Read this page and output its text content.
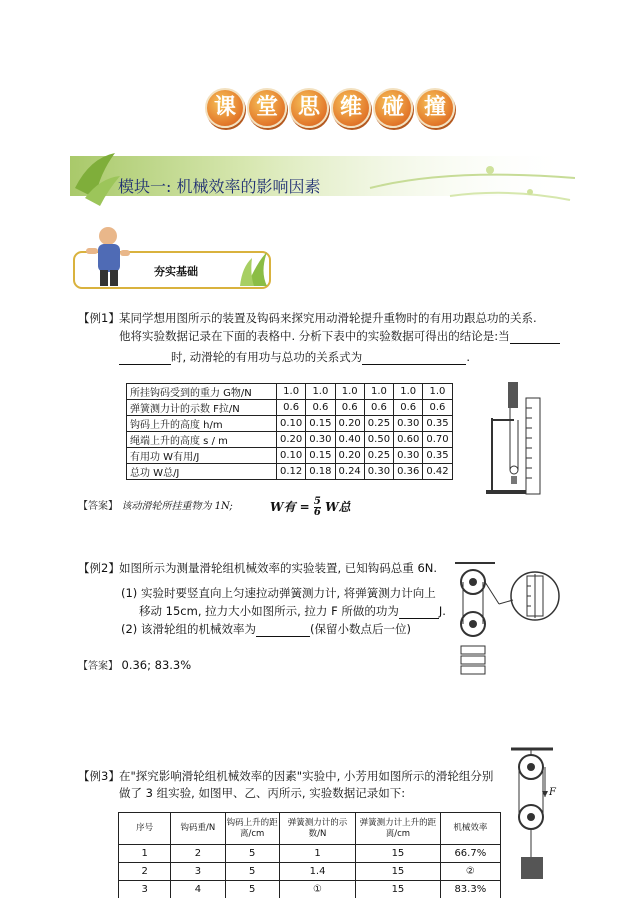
课 堂 思 维 碰 撞
模块一: 机械效率的影响因素
夯实基础
【例1】 某同学想用图所示的装置及钩码来探究用动滑轮提升重物时的有用功跟总功的关系.
他将实验数据记录在下面的表格中. 分析下表中的实验数据可得出的结论是:当
时, 动滑轮的有用功与总功的关系式为	.
所挂钩码受到的重力 G物/N	1.0	1.0	1.0	1.0	1.0	1.0
弹簧测力计的示数 F拉/N	0.6	0.6	0.6	0.6	0.6	0.6
钩码上升的高度 h/m	0.10	0.15	0.20	0.25	0.30	0.35
绳端上升的高度 s / m	0.20	0.30	0.40	0.50	0.60	0.70
有用功 W有用/J	0.10	0.15	0.20	0.25	0.30	0.35
总功 W总/J	0.12	0.18	0.24	0.30	0.36	0.42
【答案】 该动滑轮所挂重物为 1N;	W有 = $\frac{5}{6}$ W总
【例2】 如图所示为测量滑轮组机械效率的实验装置, 已知钩码总重 6N.
(1) 实验时要竖直向上匀速拉动弹簧测力计, 将弹簧测力计向上
移动 15cm, 拉力大小如图所示, 拉力 F 所做的功为	J.
(2) 该滑轮组的机械效率为	(保留小数点后一位)
【答案】 0.36; 83.3%
【例3】 在"探究影响滑轮组机械效率的因素"实验中, 小芳用如图所示的滑轮组分别
做了 3 组实验, 如图甲、乙、丙所示, 实验数据记录如下:
序号	钩码重/N	钩码上升的距离/cm	弹簧测力计的示数/N	弹簧测力计上升的距离/cm	机械效率
1	2	5	1	15	66.7%
2	3	5	1.4	15	②
3	4	5	①	15	83.3%
F
